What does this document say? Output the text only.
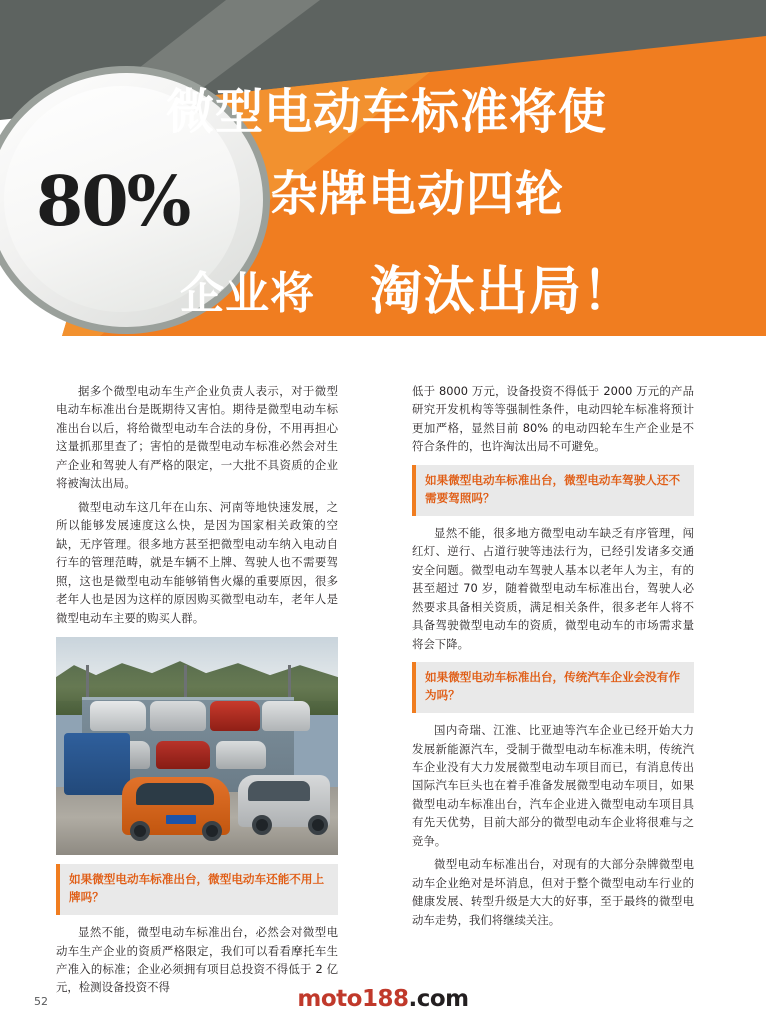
微型电动车标准将使
80% 杂牌电动四轮
企业将 淘汰出局！

据多个微型电动车生产企业负责人表示，对于微型电动车标准出台是既期待又害怕。期待是微型电动车标准出台以后，将给微型电动车合法的身份，不用再担心这量抓那里查了；害怕的是微型电动车标准必然会对生产企业和驾驶人有严格的限定，一大批不具资质的企业将被淘汰出局。

微型电动车这几年在山东、河南等地快速发展，之所以能够发展速度这么快，是因为国家相关政策的空缺，无序管理。很多地方甚至把微型电动车纳入电动自行车的管理范畴，就是车辆不上牌、驾驶人也不需要驾照，这也是微型电动车能够销售火爆的重要原因，很多老年人也是因为这样的原因购买微型电动车，老年人是微型电动车主要的购买人群。

如果微型电动车标准出台，微型电动车还能不用上牌吗？

显然不能，微型电动车标准出台，必然会对微型电动车生产企业的资质严格限定，我们可以看看摩托车生产准入的标准；企业必须拥有项目总投资不得低于 2 亿元，检测设备投资不得

低于 8000 万元，设备投资不得低于 2000 万元的产品研究开发机构等等强制性条件，电动四轮车标准将预计更加严格，显然目前 80% 的电动四轮车生产企业是不符合条件的，也许淘汰出局不可避免。

如果微型电动车标准出台，微型电动车驾驶人还不需要驾照吗？

显然不能，很多地方微型电动车缺乏有序管理，闯红灯、逆行、占道行驶等违法行为，已经引发诸多交通安全问题。微型电动车驾驶人基本以老年人为主，有的甚至超过 70 岁，随着微型电动车标准出台，驾驶人必然要求具备相关资质，满足相关条件，很多老年人将不具备驾驶微型电动车的资质，微型电动车的市场需求量将会下降。

如果微型电动车标准出台，传统汽车企业会没有作为吗？

国内奇瑞、江淮、比亚迪等汽车企业已经开始大力发展新能源汽车，受制于微型电动车标准未明，传统汽车企业没有大力发展微型电动车项目而已，有消息传出国际汽车巨头也在着手准备发展微型电动车项目，如果微型电动车标准出台，汽车企业进入微型电动车项目具有先天优势，目前大部分的微型电动车企业将很难与之竞争。

微型电动车标准出台，对现有的大部分杂牌微型电动车企业绝对是坏消息，但对于整个微型电动车行业的健康发展、转型升级是大大的好事，至于最终的微型电动车走势，我们将继续关注。

52	moto188.com
